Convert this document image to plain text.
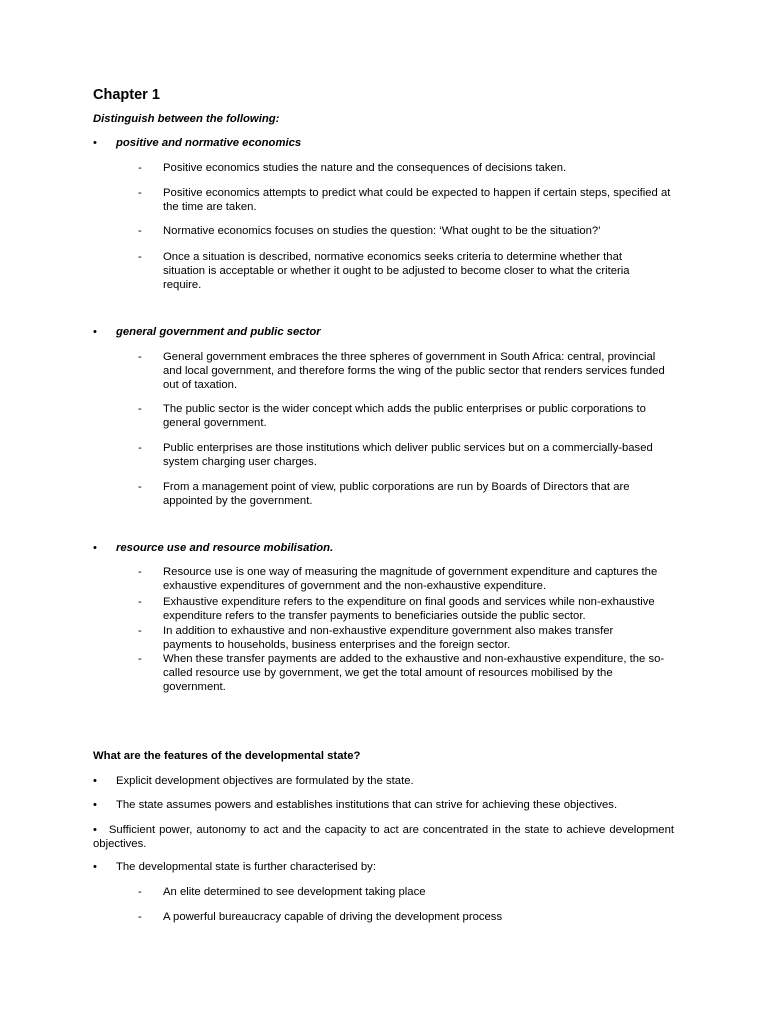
Chapter 1

Distinguish between the following:

• positive and normative economics
- Positive economics studies the nature and the consequences of decisions taken.
- Positive economics attempts to predict what could be expected to happen if certain steps, specified at the time are taken.
- Normative economics focuses on studies the question: ‘What ought to be the situation?’
- Once a situation is described, normative economics seeks criteria to determine whether that situation is acceptable or whether it ought to be adjusted to become closer to what the criteria require.
• general government and public sector
- General government embraces the three spheres of government in South Africa: central, provincial and local government, and therefore forms the wing of the public sector that renders services funded out of taxation.
- The public sector is the wider concept which adds the public enterprises or public corporations to general government.
- Public enterprises are those institutions which deliver public services but on a commercially-based system charging user charges.
- From a management point of view, public corporations are run by Boards of Directors that are appointed by the government.
• resource use and resource mobilisation.
- Resource use is one way of measuring the magnitude of government expenditure and captures the exhaustive expenditures of government and the non-exhaustive expenditure.
- Exhaustive expenditure refers to the expenditure on final goods and services while non-exhaustive expenditure refers to the transfer payments to beneficiaries outside the public sector.
- In addition to exhaustive and non-exhaustive expenditure government also makes transfer payments to households, business enterprises and the foreign sector.
- When these transfer payments are added to the exhaustive and non-exhaustive expenditure, the so-called resource use by government, we get the total amount of resources mobilised by the government.
What are the features of the developmental state?
• Explicit development objectives are formulated by the state.
• The state assumes powers and establishes institutions that can strive for achieving these objectives.
• Sufficient power, autonomy to act and the capacity to act are concentrated in the state to achieve development objectives.
• The developmental state is further characterised by:
- An elite determined to see development taking place
- A powerful bureaucracy capable of driving the development process
